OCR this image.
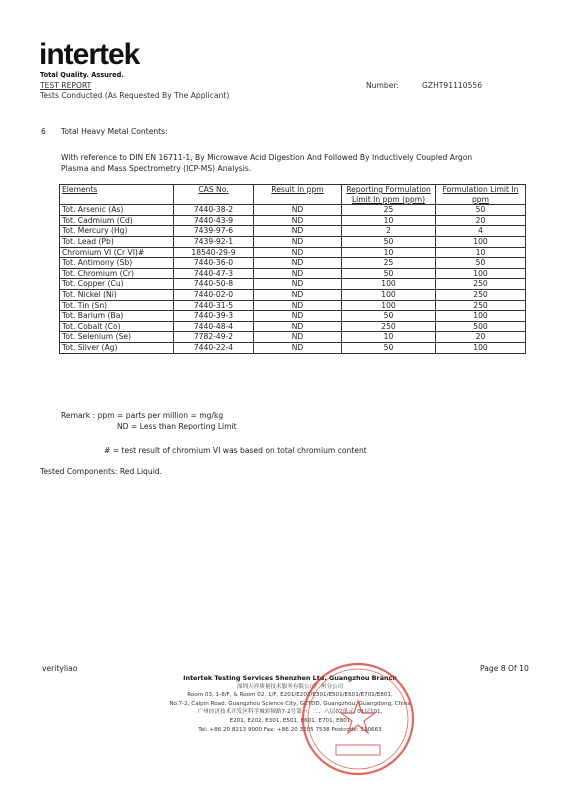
intertek
Total Quality. Assured.
TEST REPORT
Tests Conducted (As Requested By The Applicant)
Number:	GZHT91110556
6 Total Heavy Metal Contents:
With reference to DIN EN 16711-1, By Microwave Acid Digestion And Followed By Inductively Coupled Argon
Plasma and Mass Spectrometry (ICP-MS) Analysis.
Elements	CAS No.	Result In ppm	Reporting Formulation Limit In ppm (ppm)	Formulation Limit In ppm
Tot. Arsenic (As)	7440-38-2	ND	25	50
Tot. Cadmium (Cd)	7440-43-9	ND	10	20
Tot. Mercury (Hg)	7439-97-6	ND	2	4
Tot. Lead (Pb)	7439-92-1	ND	50	100
Chromium VI (Cr VI)#	18540-29-9	ND	10	10
Tot. Antimony (Sb)	7440-36-0	ND	25	50
Tot. Chromium (Cr)	7440-47-3	ND	50	100
Tot. Copper (Cu)	7440-50-8	ND	100	250
Tot. Nickel (Ni)	7440-02-0	ND	100	250
Tot. Tin (Sn)	7440-31-5	ND	100	250
Tot. Barium (Ba)	7440-39-3	ND	50	100
Tot. Cobalt (Co)	7440-48-4	ND	250	500
Tot. Selenium (Se)	7782-49-2	ND	10	20
Tot. Silver (Ag)	7440-22-4	ND	50	100
Remark : ppm = parts per million = mg/kg
ND = Less than Reporting Limit
# = test result of chromium VI was based on total chromium content
Tested Components: Red Liquid.
verityliao	Page 8 Of 10
Intertek Testing Services Shenzhen Ltd. Guangzhou Branch
深圳天祥质量技术服务有限公司广州分公司
Room 03, 1-8/F, & Room 02, 1/F, E201/E202/E301/E501/E601/E701/E801,
No.7-2, Caipin Road, Guangzhou Science City, GETDD, Guangzhou, Guangdong, China
广州经济技术开发区科学城彩频路7-2号第一、二、八层02单元, 01层101,
E201, E202, E301, E501, E601, E701, E801
Tel: +86 20 8213 9000 Fax: +86 20 3205 7538 Postcode: 510663
